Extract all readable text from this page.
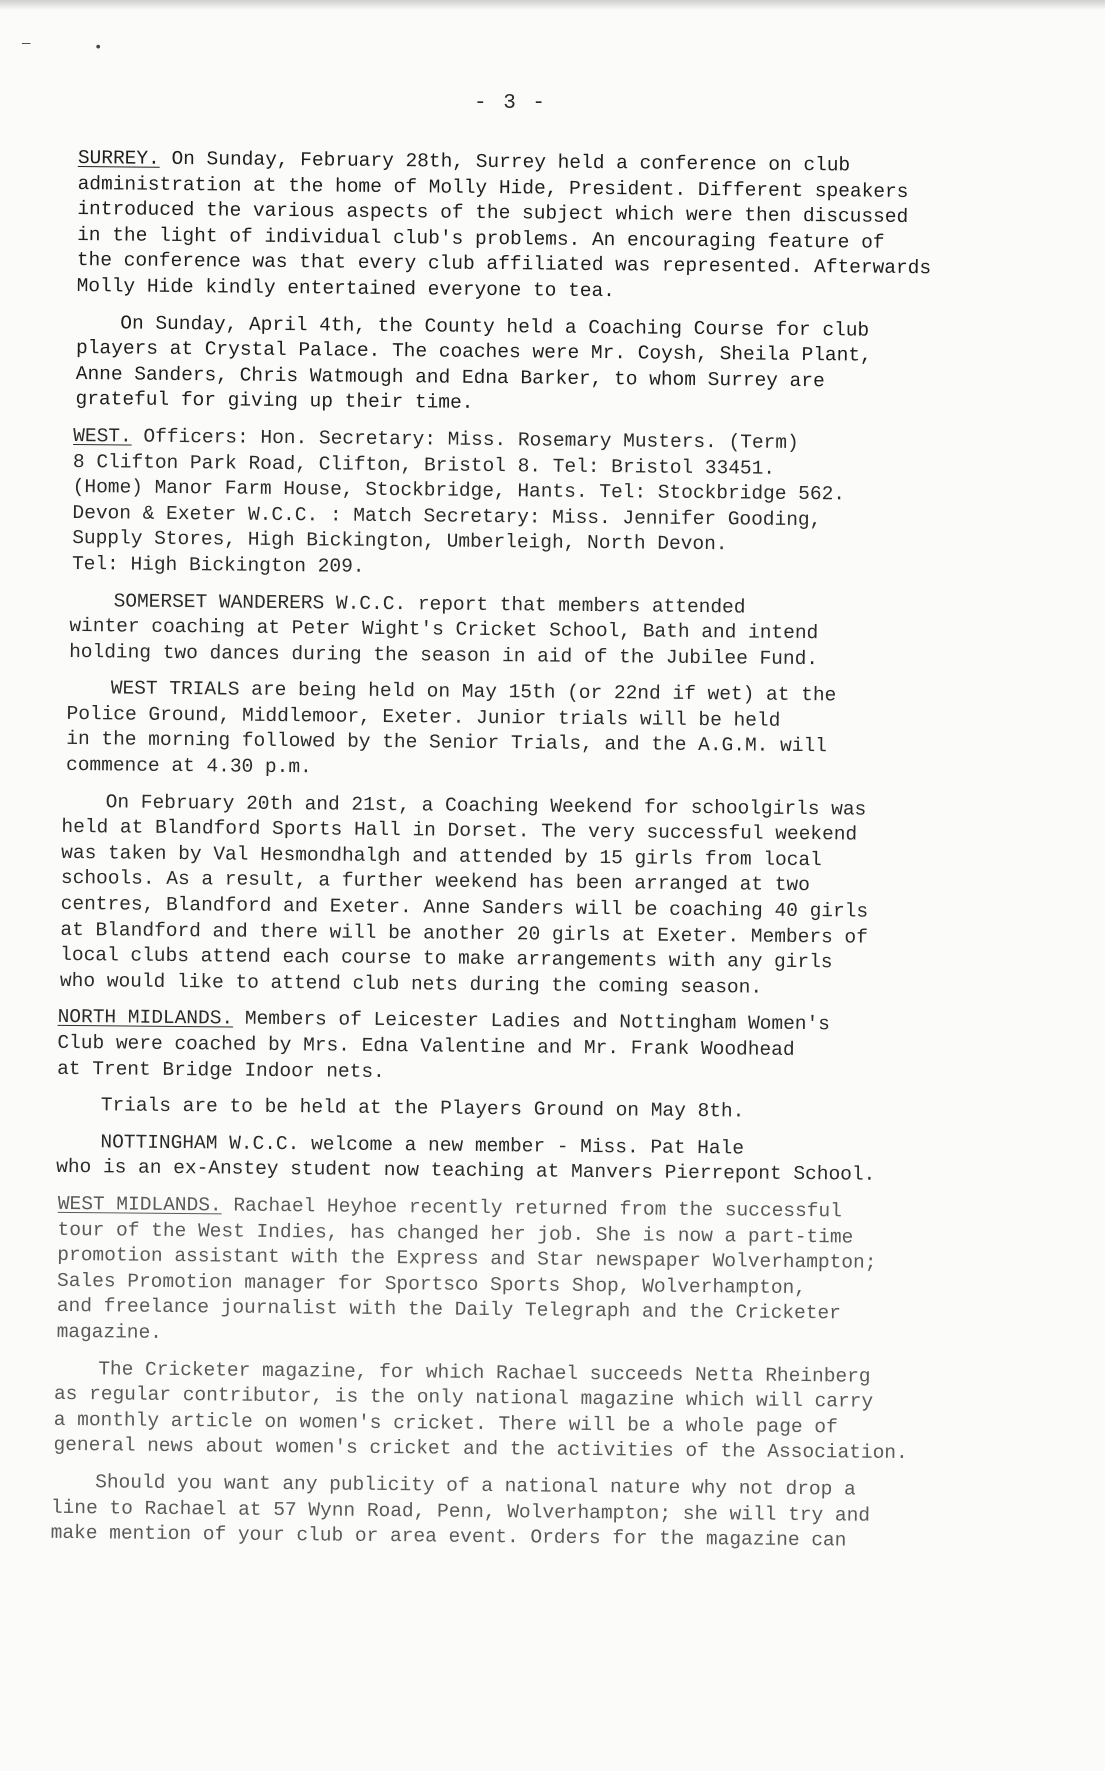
—	•
- 3 -
SURREY. On Sunday, February 28th, Surrey held a conference on club
administration at the home of Molly Hide, President. Different speakers
introduced the various aspects of the subject which were then discussed
in the light of individual club's problems. An encouraging feature of
the conference was that every club affiliated was represented. Afterwards
Molly Hide kindly entertained everyone to tea.
On Sunday, April 4th, the County held a Coaching Course for club
players at Crystal Palace. The coaches were Mr. Coysh, Sheila Plant,
Anne Sanders, Chris Watmough and Edna Barker, to whom Surrey are
grateful for giving up their time.
WEST. Officers: Hon. Secretary: Miss. Rosemary Musters. (Term)
8 Clifton Park Road, Clifton, Bristol 8. Tel: Bristol 33451.
(Home) Manor Farm House, Stockbridge, Hants. Tel: Stockbridge 562.
Devon & Exeter W.C.C. : Match Secretary: Miss. Jennifer Gooding,
Supply Stores, High Bickington, Umberleigh, North Devon.
Tel: High Bickington 209.
SOMERSET WANDERERS W.C.C. report that members attended
winter coaching at Peter Wight's Cricket School, Bath and intend
holding two dances during the season in aid of the Jubilee Fund.
WEST TRIALS are being held on May 15th (or 22nd if wet) at the
Police Ground, Middlemoor, Exeter. Junior trials will be held
in the morning followed by the Senior Trials, and the A.G.M. will
commence at 4.30 p.m.
On February 20th and 21st, a Coaching Weekend for schoolgirls was
held at Blandford Sports Hall in Dorset. The very successful weekend
was taken by Val Hesmondhalgh and attended by 15 girls from local
schools. As a result, a further weekend has been arranged at two
centres, Blandford and Exeter. Anne Sanders will be coaching 40 girls
at Blandford and there will be another 20 girls at Exeter. Members of
local clubs attend each course to make arrangements with any girls
who would like to attend club nets during the coming season.
NORTH MIDLANDS. Members of Leicester Ladies and Nottingham Women's
Club were coached by Mrs. Edna Valentine and Mr. Frank Woodhead
at Trent Bridge Indoor nets.
Trials are to be held at the Players Ground on May 8th.
NOTTINGHAM W.C.C. welcome a new member - Miss. Pat Hale
who is an ex-Anstey student now teaching at Manvers Pierrepont School.
WEST MIDLANDS. Rachael Heyhoe recently returned from the successful
tour of the West Indies, has changed her job. She is now a part-time
promotion assistant with the Express and Star newspaper Wolverhampton;
Sales Promotion manager for Sportsco Sports Shop, Wolverhampton,
and freelance journalist with the Daily Telegraph and the Cricketer
magazine.
The Cricketer magazine, for which Rachael succeeds Netta Rheinberg
as regular contributor, is the only national magazine which will carry
a monthly article on women's cricket. There will be a whole page of
general news about women's cricket and the activities of the Association.
Should you want any publicity of a national nature why not drop a
line to Rachael at 57 Wynn Road, Penn, Wolverhampton; she will try and
make mention of your club or area event. Orders for the magazine can
